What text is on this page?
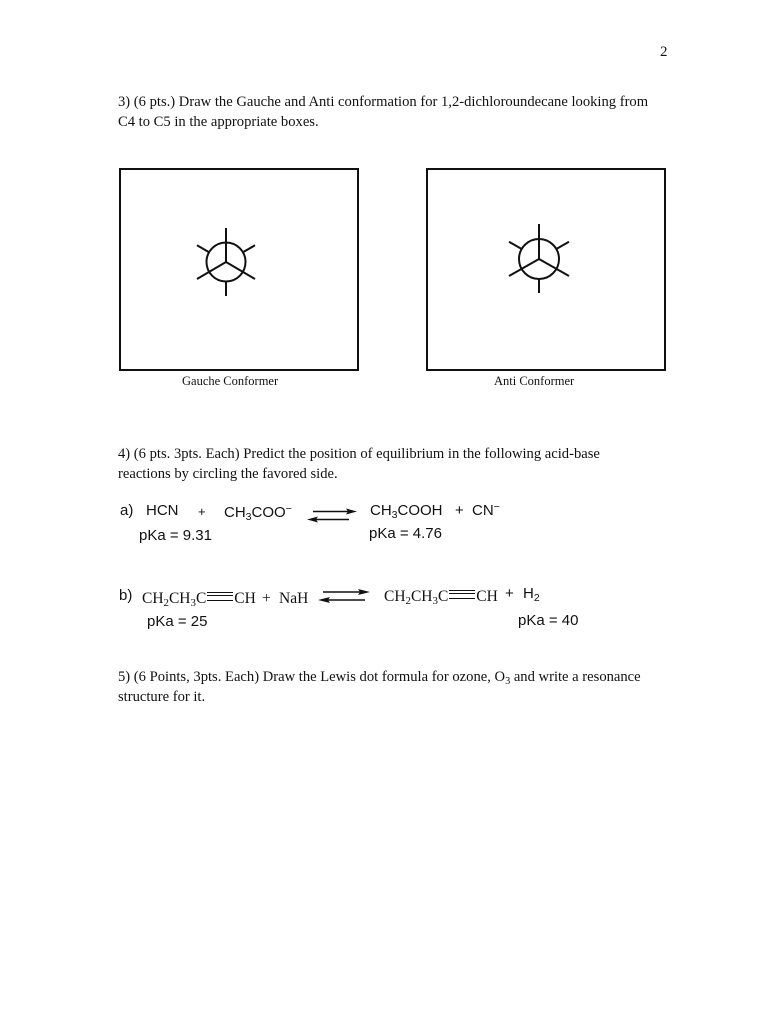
2
3) (6 pts.) Draw the Gauche and Anti conformation for 1,2-dichloroundecane looking from
C4 to C5 in the appropriate boxes.
Gauche Conformer	Anti Conformer
4) (6 pts. 3pts. Each) Predict the position of equilibrium in the following acid-base
reactions by circling the favored side.
a) HCN + $CH_3COO^-$ ⇌ $CH_3COOH + CN^-$
pKa = 9.31	pKa = 4.76
b) $CH_2CH_3C$ CH + NaH ⇌ $CH_2CH_3C$ CH + $H_2$
pKa = 25	pKa = 40
5) (6 Points, 3pts. Each) Draw the Lewis dot formula for ozone, $O_3$ and write a resonance
structure for it.
